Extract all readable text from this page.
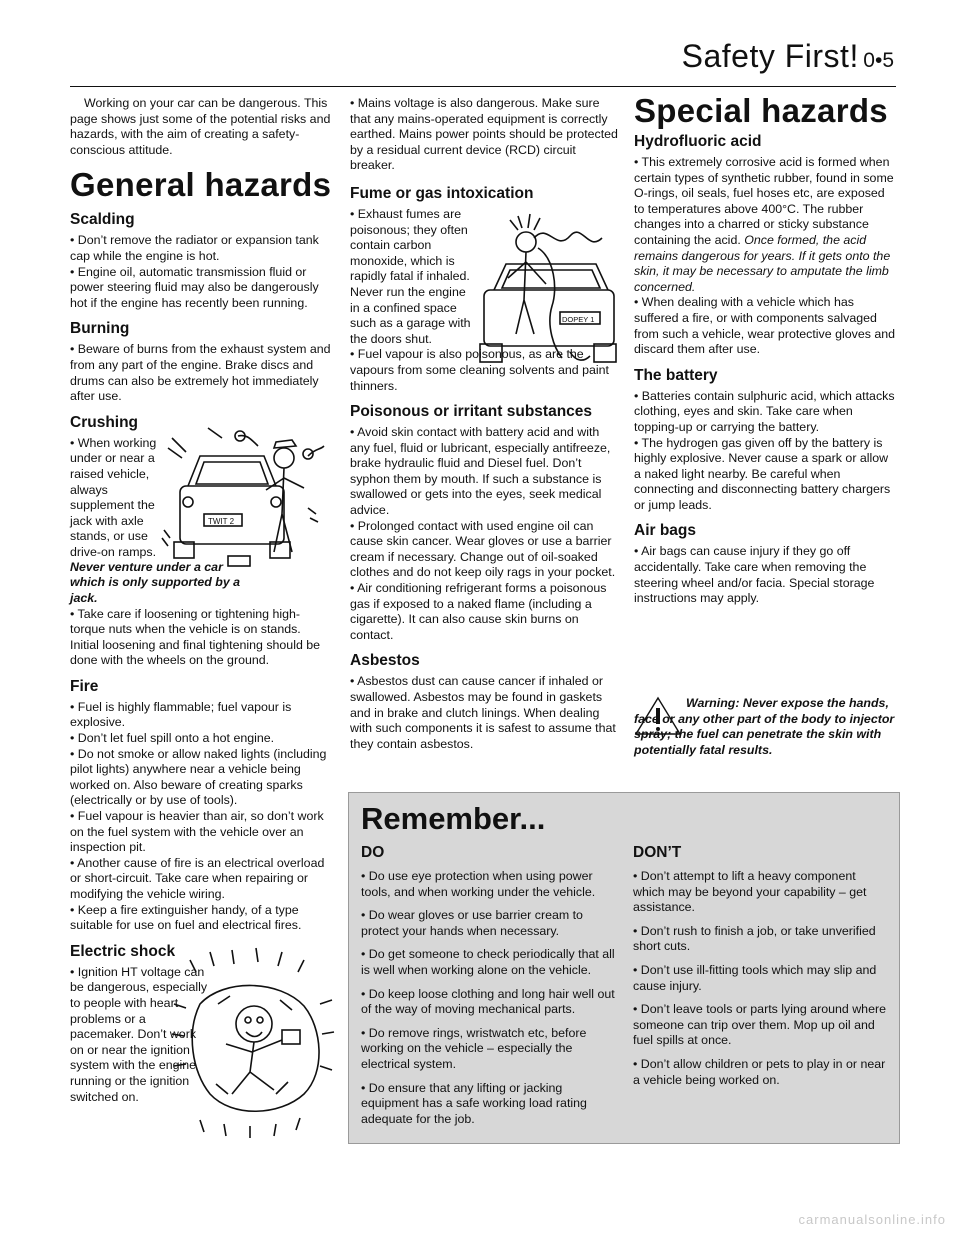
Safety First! 0•5

Working on your car can be dangerous. This page shows just some of the potential risks and hazards, with the aim of creating a safety-conscious attitude.

General hazards
Scalding

• Don’t remove the radiator or expansion tank cap while the engine is hot.

• Engine oil, automatic transmission fluid or power steering fluid may also be dangerously hot if the engine has recently been running.

Burning

• Beware of burns from the exhaust system and from any part of the engine. Brake discs and drums can also be extremely hot immediately after use.

Crushing

• When working under or near a raised vehicle, always supplement the jack with axle stands, or use drive-on ramps.

Never venture under a car which is only supported by a jack.

• Take care if loosening or tightening high-torque nuts when the vehicle is on stands. Initial loosening and final tightening should be done with the wheels on the ground.

Fire

• Fuel is highly flammable; fuel vapour is explosive.

• Don’t let fuel spill onto a hot engine.

• Do not smoke or allow naked lights (including pilot lights) anywhere near a vehicle being worked on. Also beware of creating sparks

(electrically or by use of tools).

• Fuel vapour is heavier than air, so don’t work on the fuel system with the vehicle over an inspection pit.

• Another cause of fire is an electrical overload or short-circuit. Take care when repairing or modifying the vehicle wiring.

• Keep a fire extinguisher handy, of a type suitable for use on fuel and electrical fires.

Electric shock

• Ignition HT voltage can be dangerous, especially to people with heart problems or a pacemaker. Don’t work on or near the ignition system with the engine running or the ignition switched on.

TWIT 2

• Mains voltage is also dangerous. Make sure that any mains-operated equipment is correctly earthed. Mains power points should be protected by a residual current device (RCD) circuit breaker.

Fume or gas intoxication

• Exhaust fumes are poisonous; they often contain carbon monoxide, which is rapidly fatal if inhaled. Never run the engine in a confined space such as a garage with the doors shut.

• Fuel vapour is also poisonous, as are the vapours from some cleaning solvents and paint thinners.

Poisonous or irritant substances

• Avoid skin contact with battery acid and with any fuel, fluid or lubricant, especially antifreeze, brake hydraulic fluid and Diesel fuel. Don’t syphon them by mouth. If such a substance is swallowed or gets into the eyes, seek medical advice.

• Prolonged contact with used engine oil can cause skin cancer. Wear gloves or use a barrier cream if necessary. Change out of oil-soaked clothes and do not keep oily rags in your pocket.

• Air conditioning refrigerant forms a poisonous gas if exposed to a naked flame (including a cigarette). It can also cause skin burns on contact.

Asbestos

• Asbestos dust can cause cancer if inhaled or swallowed. Asbestos may be found in gaskets and in brake and clutch linings. When dealing with such components it is safest to assume that they contain asbestos.

DOPEY 1
Special hazards
Hydrofluoric acid

• This extremely corrosive acid is formed when certain types of synthetic rubber, found in some O-rings, oil seals, fuel hoses etc, are exposed to temperatures above 400°C. The rubber changes into a charred or sticky substance containing the acid. Once formed, the acid remains dangerous for years. If it gets onto the skin, it may be necessary to amputate the limb concerned.

• When dealing with a vehicle which has suffered a fire, or with components salvaged from such a vehicle, wear protective gloves and discard them after use.

The battery

• Batteries contain sulphuric acid, which attacks clothing, eyes and skin. Take care when topping-up or carrying the battery.

• The hydrogen gas given off by the battery is highly explosive. Never cause a spark or allow a naked light nearby. Be careful when connecting and disconnecting battery chargers or jump leads.

Air bags

• Air bags can cause injury if they go off accidentally. Take care when removing the steering wheel and/or facia. Special storage instructions may apply.

Warning: Never expose the hands, face or any other part of the body to injector spray; the fuel can penetrate the skin with potentially fatal results.

Remember...
DO

• Do use eye protection when using power tools, and when working under the vehicle.

• Do wear gloves or use barrier cream to protect your hands when necessary.

• Do get someone to check periodically that all is well when working alone on the vehicle.

• Do keep loose clothing and long hair well out of the way of moving mechanical parts.

• Do remove rings, wristwatch etc, before working on the vehicle – especially the electrical system.

• Do ensure that any lifting or jacking equipment has a safe working load rating adequate for the job.

DON’T

• Don’t attempt to lift a heavy component which may be beyond your capability – get assistance.

• Don’t rush to finish a job, or take unverified short cuts.

• Don’t use ill-fitting tools which may slip and cause injury.

• Don’t leave tools or parts lying around where someone can trip over them. Mop up oil and fuel spills at once.

• Don’t allow children or pets to play in or near a vehicle being worked on.

carmanualsonline.info
